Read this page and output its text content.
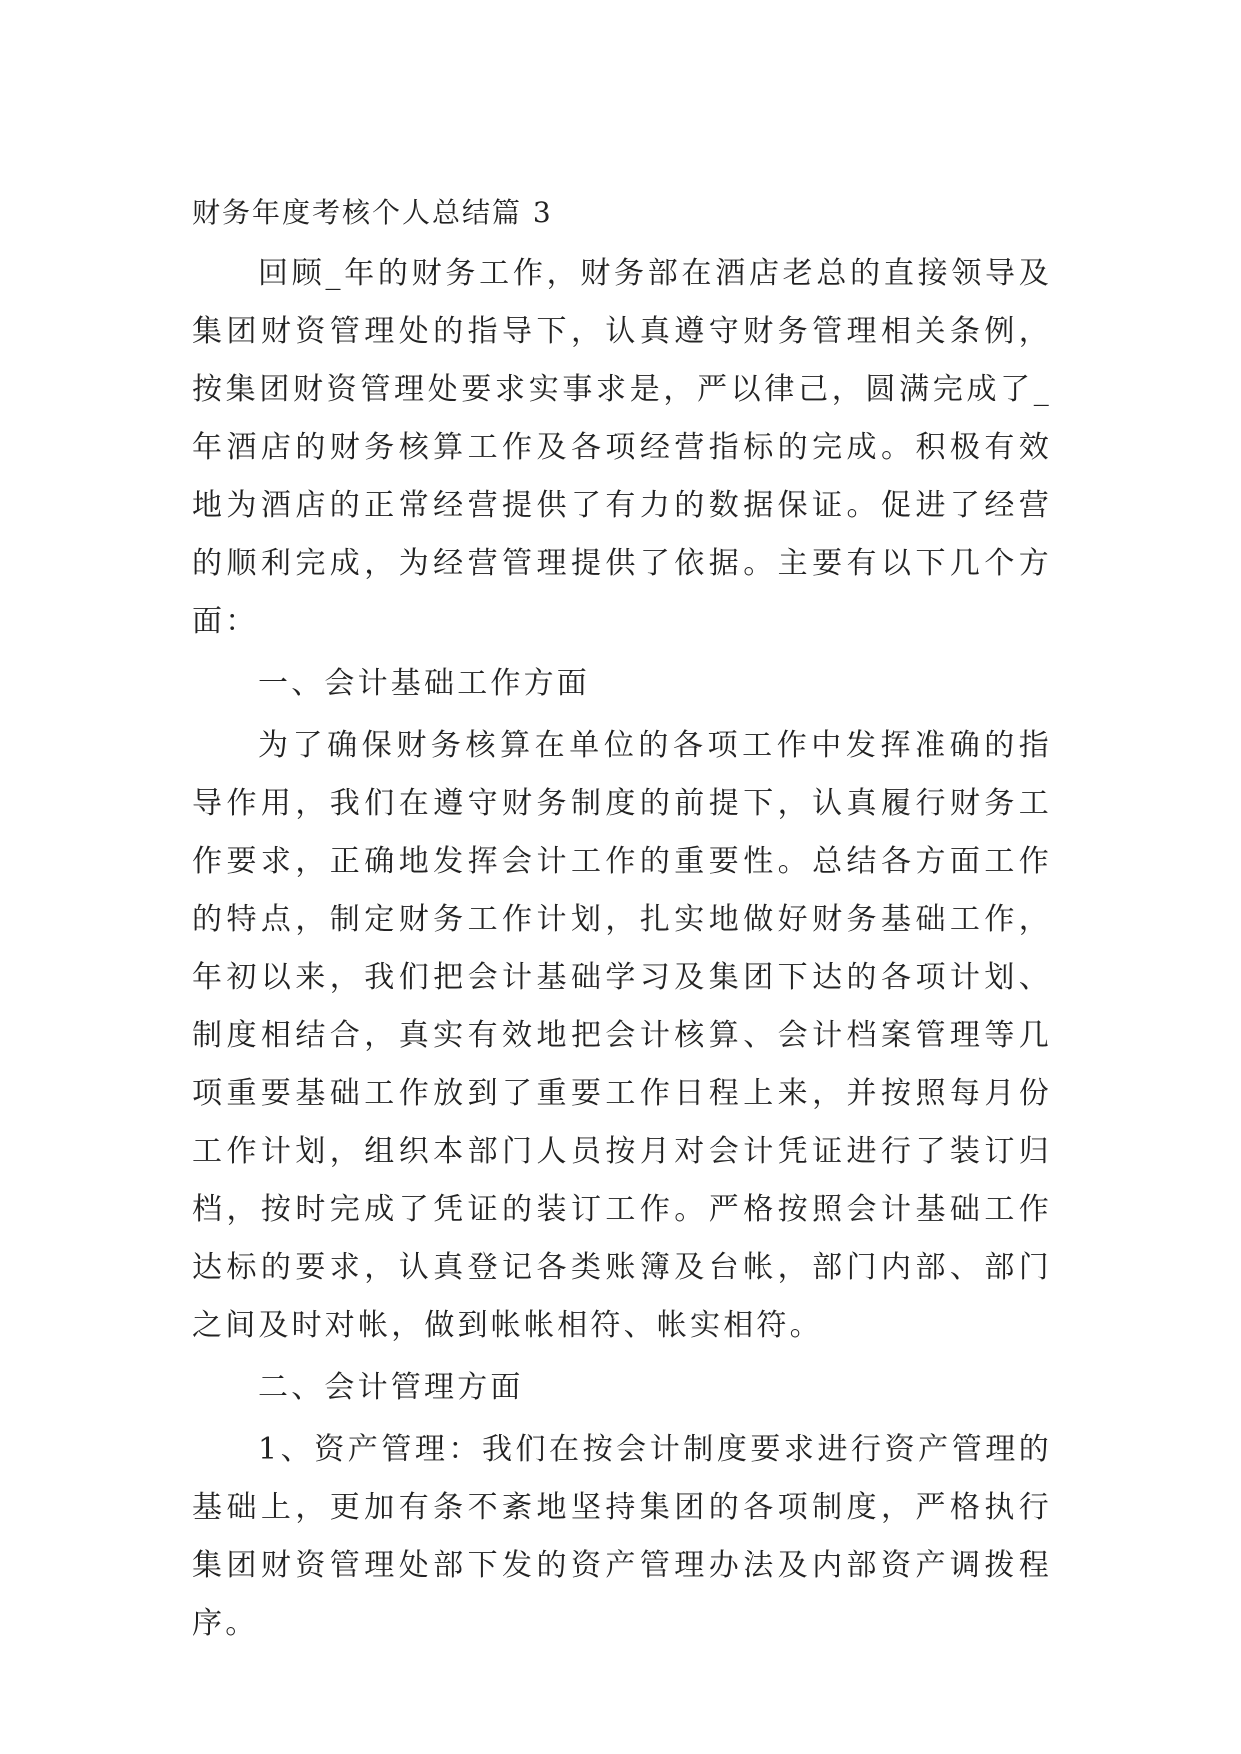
财务年度考核个人总结篇 3

回顾_年的财务工作，财务部在酒店老总的直接领导及集团财资管理处的指导下，认真遵守财务管理相关条例，按集团财资管理处要求实事求是，严以律己，圆满完成了_年酒店的财务核算工作及各项经营指标的完成。积极有效地为酒店的正常经营提供了有力的数据保证。促进了经营的顺利完成，为经营管理提供了依据。主要有以下几个方面：

一、会计基础工作方面

为了确保财务核算在单位的各项工作中发挥准确的指导作用，我们在遵守财务制度的前提下，认真履行财务工作要求，正确地发挥会计工作的重要性。总结各方面工作的特点，制定财务工作计划，扎实地做好财务基础工作，年初以来，我们把会计基础学习及集团下达的各项计划、制度相结合，真实有效地把会计核算、会计档案管理等几项重要基础工作放到了重要工作日程上来，并按照每月份工作计划，组织本部门人员按月对会计凭证进行了装订归档，按时完成了凭证的装订工作。严格按照会计基础工作达标的要求，认真登记各类账簿及台帐，部门内部、部门之间及时对帐，做到帐帐相符、帐实相符。

二、会计管理方面

1、资产管理：我们在按会计制度要求进行资产管理的基础上，更加有条不紊地坚持集团的各项制度，严格执行集团财资管理处部下发的资产管理办法及内部资产调拨程序。
